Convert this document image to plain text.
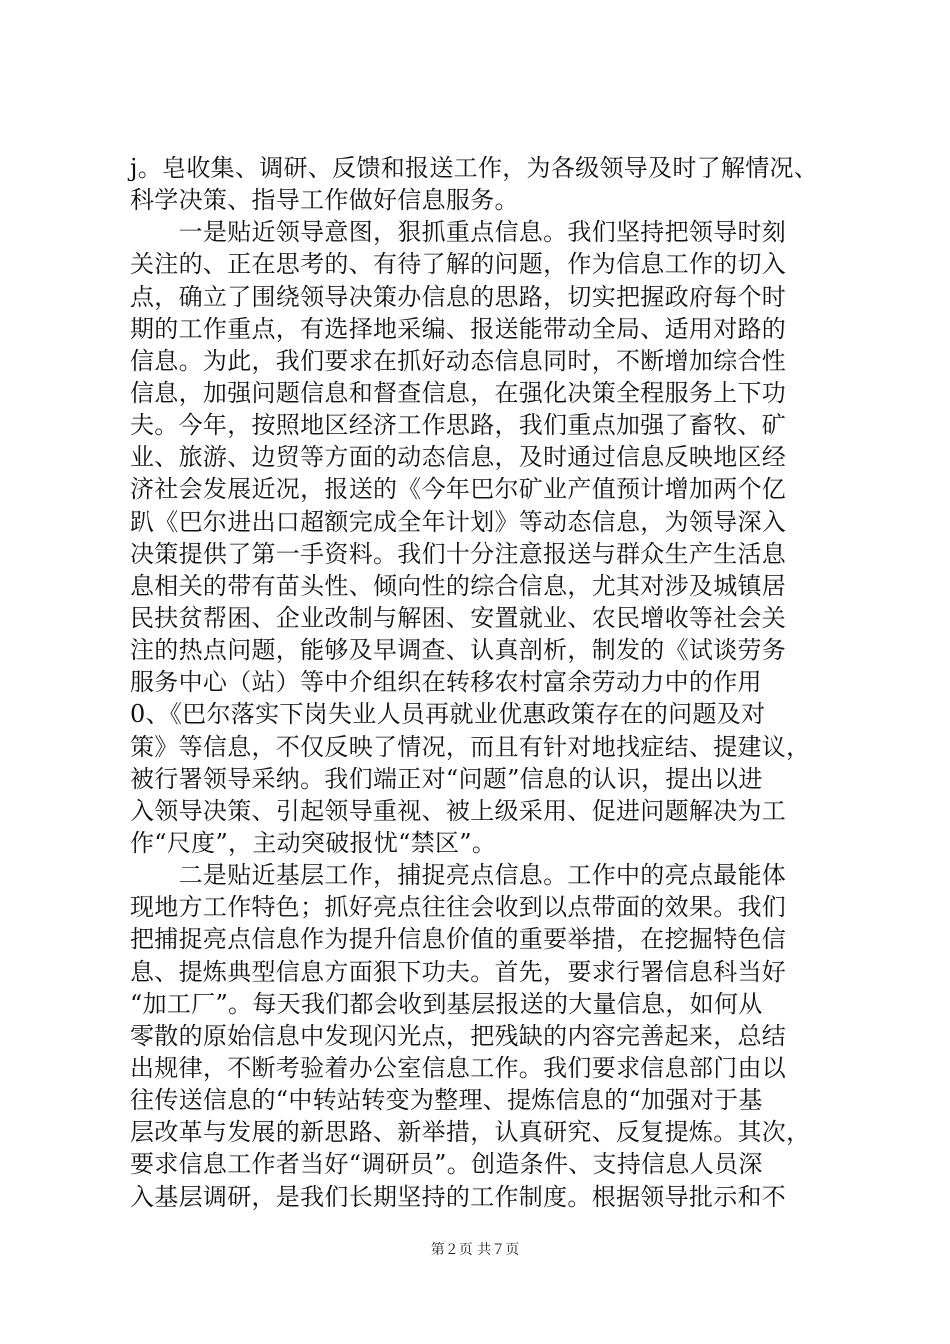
j。皂收集、调研、反馈和报送工作，为各级领导及时了解情况、
科学决策、指导工作做好信息服务。
　　一是贴近领导意图，狠抓重点信息。我们坚持把领导时刻
关注的、正在思考的、有待了解的问题，作为信息工作的切入
点，确立了围绕领导决策办信息的思路，切实把握政府每个时
期的工作重点，有选择地采编、报送能带动全局、适用对路的
信息。为此，我们要求在抓好动态信息同时，不断增加综合性
信息，加强问题信息和督查信息，在强化决策全程服务上下功
夫。今年，按照地区经济工作思路，我们重点加强了畜牧、矿
业、旅游、边贸等方面的动态信息，及时通过信息反映地区经
济社会发展近况，报送的《今年巴尔矿业产值预计增加两个亿
趴《巴尔进出口超额完成全年计划》等动态信息，为领导深入
决策提供了第一手资料。我们十分注意报送与群众生产生活息
息相关的带有苗头性、倾向性的综合信息，尤其对涉及城镇居
民扶贫帮困、企业改制与解困、安置就业、农民增收等社会关
注的热点问题，能够及早调查、认真剖析，制发的《试谈劳务
服务中心（站）等中介组织在转移农村富余劳动力中的作用
0、《巴尔落实下岗失业人员再就业优惠政策存在的问题及对
策》等信息，不仅反映了情况，而且有针对地找症结、提建议，
被行署领导采纳。我们端正对“问题”信息的认识，提出以进
入领导决策、引起领导重视、被上级采用、促进问题解决为工
作“尺度”，主动突破报忧“禁区”。
　　二是贴近基层工作，捕捉亮点信息。工作中的亮点最能体
现地方工作特色；抓好亮点往往会收到以点带面的效果。我们
把捕捉亮点信息作为提升信息价值的重要举措，在挖掘特色信
息、提炼典型信息方面狠下功夫。首先，要求行署信息科当好
“加工厂”。每天我们都会收到基层报送的大量信息，如何从
零散的原始信息中发现闪光点，把残缺的内容完善起来，总结
出规律，不断考验着办公室信息工作。我们要求信息部门由以
往传送信息的“中转站转变为整理、提炼信息的“加强对于基
层改革与发展的新思路、新举措，认真研究、反复提炼。其次，
要求信息工作者当好“调研员”。创造条件、支持信息人员深
入基层调研，是我们长期坚持的工作制度。根据领导批示和不
第２页 共７页
